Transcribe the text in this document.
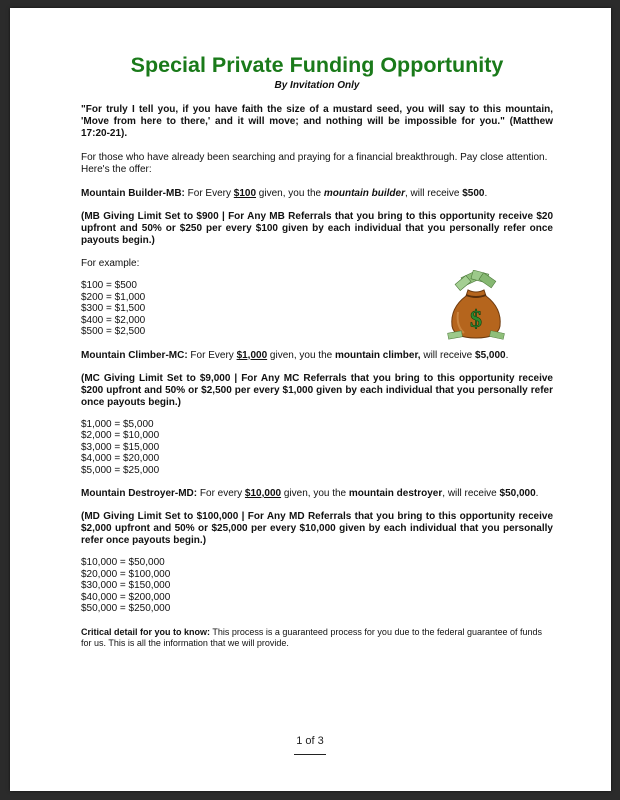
Special Private Funding Opportunity

By Invitation Only

"For truly I tell you, if you have faith the size of a mustard seed, you will say to this mountain, 'Move from here to there,' and it will move; and nothing will be impossible for you." (Matthew 17:20-21).

For those who have already been searching and praying for a financial breakthrough. Pay close attention. Here's the offer:

Mountain Builder-MB: For Every $100 given, you the mountain builder, will receive $500.

(MB Giving Limit Set to $900 | For Any MB Referrals that you bring to this opportunity receive $20 upfront and 50% or $250 per every $100 given by each individual that you personally refer once payouts begin.)

For example:

$100 = $500
$200 = $1,000
$300 = $1,500
$400 = $2,000
$500 = $2,500

Mountain Climber-MC: For Every $1,000 given, you the mountain climber, will receive $5,000.

(MC Giving Limit Set to $9,000 | For Any MC Referrals that you bring to this opportunity receive $200 upfront and 50% or $2,500 per every $1,000 given by each individual that you personally refer once payouts begin.)

$1,000 = $5,000
$2,000 = $10,000
$3,000 = $15,000
$4,000 = $20,000
$5,000 = $25,000

Mountain Destroyer-MD: For every $10,000 given, you the mountain destroyer, will receive $50,000.

(MD Giving Limit Set to $100,000 | For Any MD Referrals that you bring to this opportunity receive $2,000 upfront and 50% or $25,000 per every $10,000 given by each individual that you personally refer once payouts begin.)

$10,000 = $50,000
$20,000 = $100,000
$30,000 = $150,000
$40,000 = $200,000
$50,000 = $250,000

Critical detail for you to know: This process is a guaranteed process for you due to the federal guarantee of funds for us. This is all the information that we will provide.

$
1 of 3
